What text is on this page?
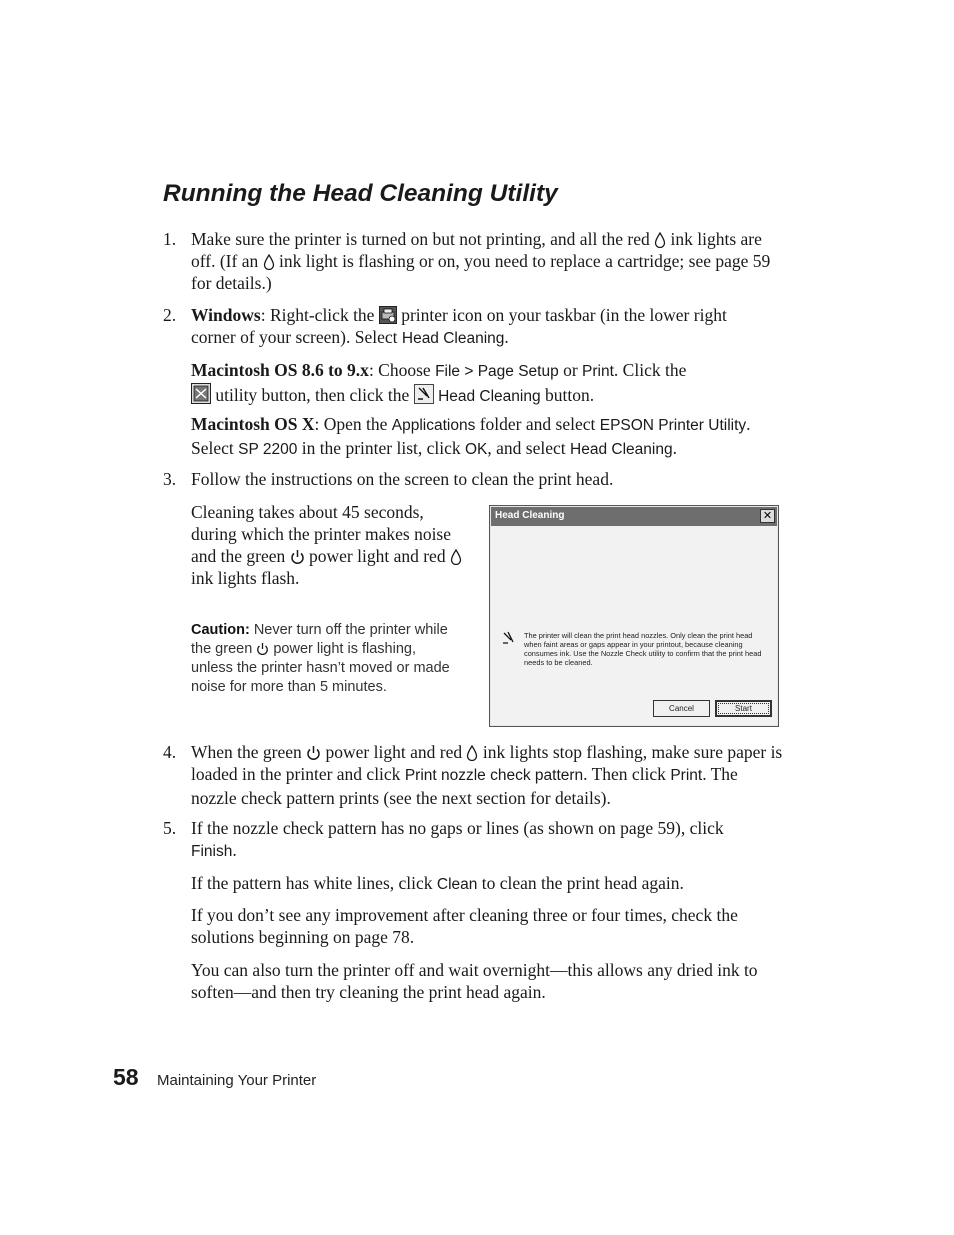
Running the Head Cleaning Utility

1. Make sure the printer is turned on but not printing, and all the red ink lights are off. (If an ink light is flashing or on, you need to replace a cartridge; see page 59 for details.)

2. Windows: Right-click the printer icon on your taskbar (in the lower right corner of your screen). Select Head Cleaning.

Macintosh OS 8.6 to 9.x: Choose File > Page Setup or Print. Click the

utility button, then click the Head Cleaning button.

Macintosh OS X: Open the Applications folder and select EPSON Printer Utility. Select SP 2200 in the printer list, click OK, and select Head Cleaning.

3. Follow the instructions on the screen to clean the print head.

Cleaning takes about 45 seconds, during which the printer makes noise and the green power light and red
ink lights flash.

Caution: Never turn off the printer while the green power light is flashing, unless the printer hasn’t moved or made noise for more than 5 minutes.

Head Cleaning	✕
The printer will clean the print head nozzles. Only clean the print head when faint areas or gaps appear in your printout, because cleaning consumes ink. Use the Nozzle Check utility to confirm that the print head needs to be cleaned.
Cancel	Start

4. When the green power light and red ink lights stop flashing, make sure paper is loaded in the printer and click Print nozzle check pattern. Then click Print. The nozzle check pattern prints (see the next section for details).

5. If the nozzle check pattern has no gaps or lines (as shown on page 59), click Finish.

If the pattern has white lines, click Clean to clean the print head again.

If you don’t see any improvement after cleaning three or four times, check the solutions beginning on page 78.

You can also turn the printer off and wait overnight—this allows any dried ink to soften—and then try cleaning the print head again.

58 Maintaining Your Printer
